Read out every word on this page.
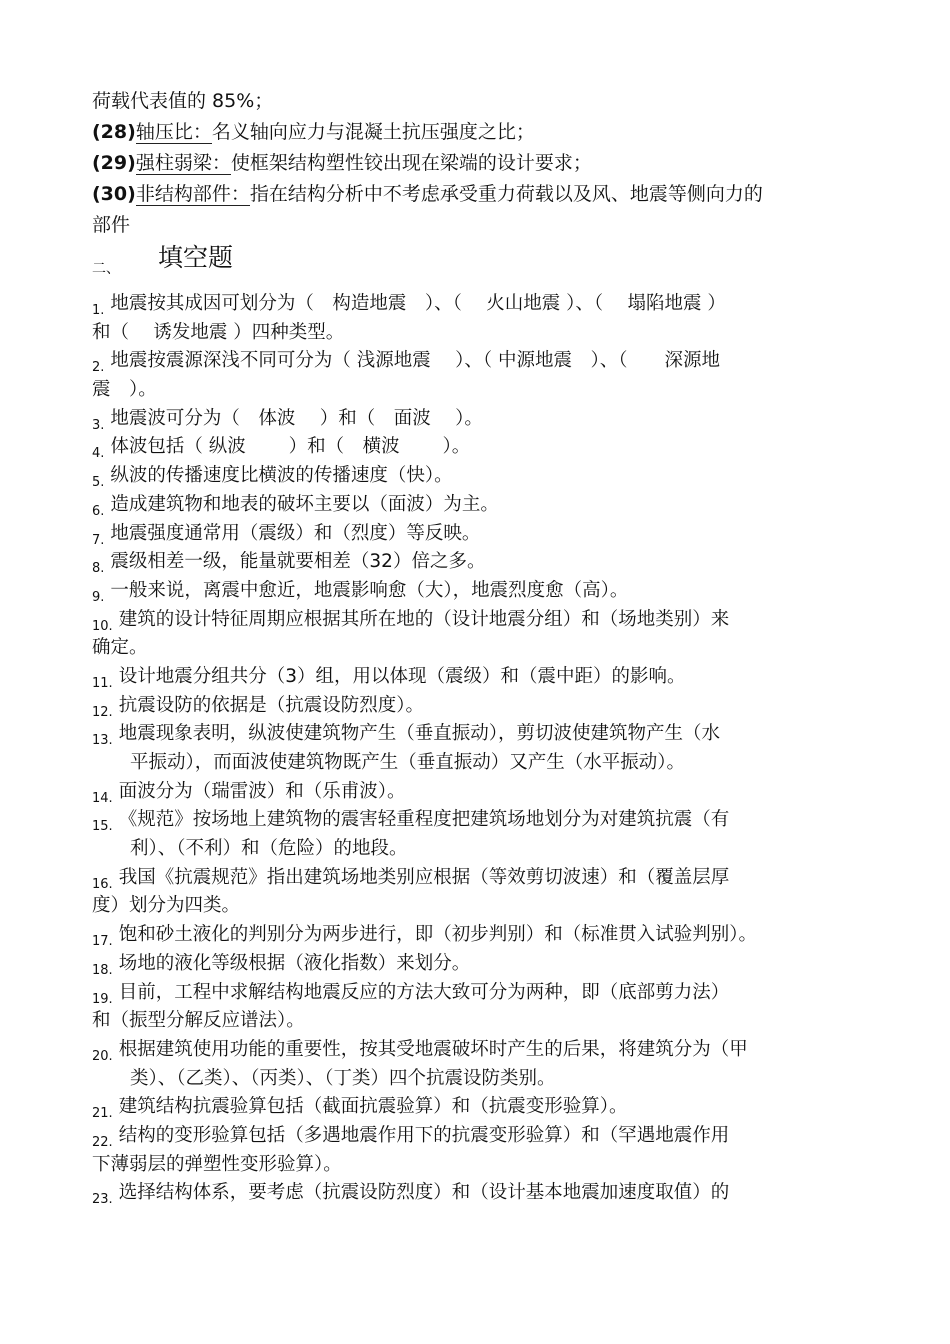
荷载代表值的 85%；
(28)轴压比：名义轴向应力与混凝土抗压强度之比；
(29)强柱弱梁：使框架结构塑性铰出现在梁端的设计要求；
(30)非结构部件：指在结构分析中不考虑承受重力荷载以及风、地震等侧向力的
部件
二、 填空题
1. 地震按其成因可划分为（　构造地震　）、（　 火山地震 ）、（　 塌陷地震 ）
和（　 诱发地震 ）四种类型。
2. 地震按震源深浅不同可分为（ 浅源地震　 ）、（ 中源地震　）、（　　深源地
震　）。
3. 地震波可分为（　体波　 ）和（　面波　 ）。
4. 体波包括（ 纵波　　 ）和（　横波　　 ）。
5. 纵波的传播速度比横波的传播速度（快）。
6. 造成建筑物和地表的破坏主要以（面波）为主。
7. 地震强度通常用（震级）和（烈度）等反映。
8. 震级相差一级，能量就要相差（32）倍之多。
9. 一般来说，离震中愈近，地震影响愈（大），地震烈度愈（高）。
10. 建筑的设计特征周期应根据其所在地的（设计地震分组）和（场地类别）来
确定。
11. 设计地震分组共分（3）组，用以体现（震级）和（震中距）的影响。
12. 抗震设防的依据是（抗震设防烈度）。
13. 地震现象表明，纵波使建筑物产生（垂直振动），剪切波使建筑物产生（水
平振动），而面波使建筑物既产生（垂直振动）又产生（水平振动）。
14. 面波分为（瑞雷波）和（乐甫波）。
15. 《规范》按场地上建筑物的震害轻重程度把建筑场地划分为对建筑抗震（有
利）、（不利）和（危险）的地段。
16. 我国《抗震规范》指出建筑场地类别应根据（等效剪切波速）和（覆盖层厚
度）划分为四类。
17. 饱和砂土液化的判别分为两步进行，即（初步判别）和（标准贯入试验判别）。
18. 场地的液化等级根据（液化指数）来划分。
19. 目前，工程中求解结构地震反应的方法大致可分为两种，即（底部剪力法）
和（振型分解反应谱法）。
20. 根据建筑使用功能的重要性，按其受地震破坏时产生的后果，将建筑分为（甲
类）、（乙类）、（丙类）、（丁类）四个抗震设防类别。
21. 建筑结构抗震验算包括（截面抗震验算）和（抗震变形验算）。
22. 结构的变形验算包括（多遇地震作用下的抗震变形验算）和（罕遇地震作用
下薄弱层的弹塑性变形验算）。
23. 选择结构体系，要考虑（抗震设防烈度）和（设计基本地震加速度取值）的
